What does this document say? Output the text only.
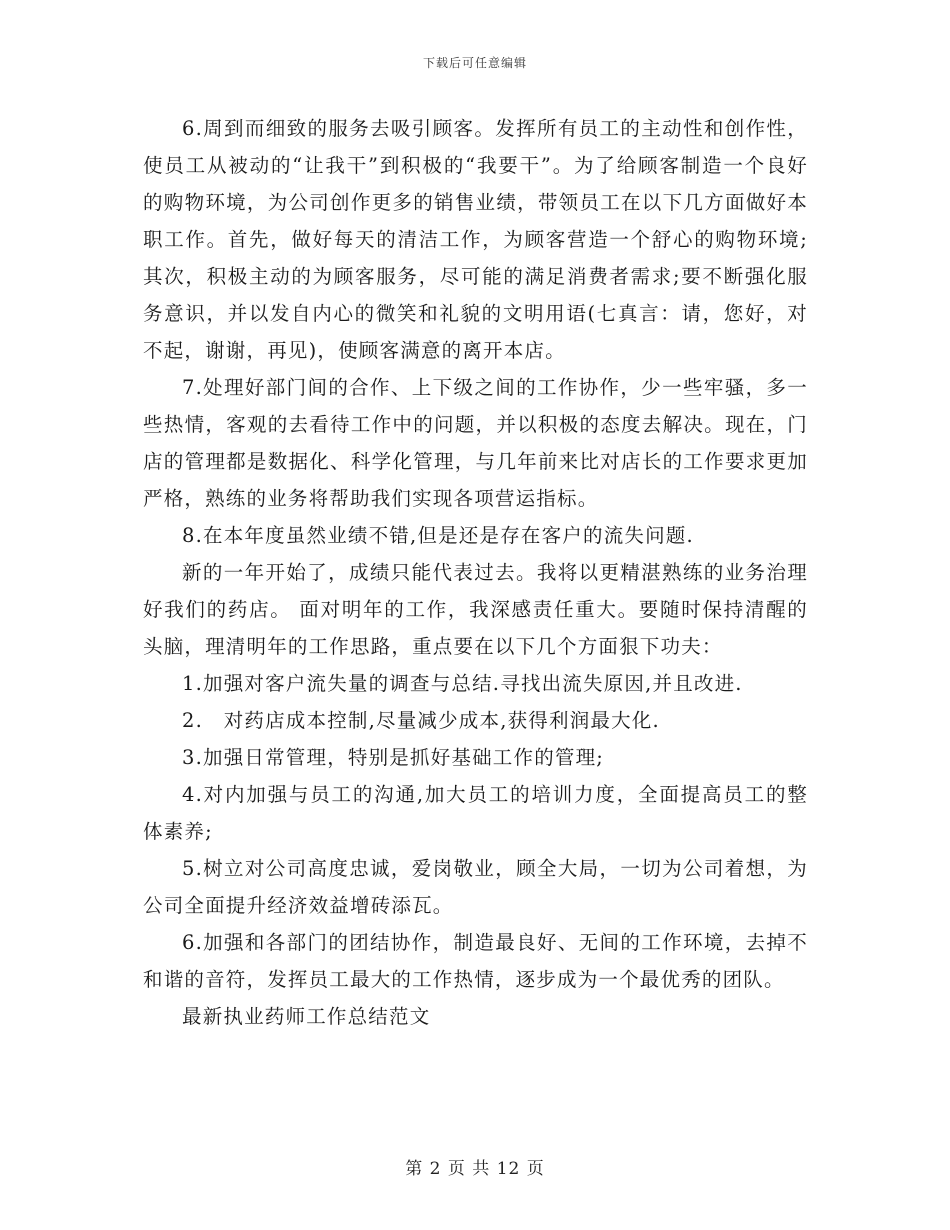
下载后可任意编辑

6.周到而细致的服务去吸引顾客。发挥所有员工的主动性和创作性，使员工从被动的“让我干”到积极的“我要干”。为了给顾客制造一个良好的购物环境，为公司创作更多的销售业绩，带领员工在以下几方面做好本职工作。首先，做好每天的清洁工作，为顾客营造一个舒心的购物环境;其次，积极主动的为顾客服务，尽可能的满足消费者需求;要不断强化服务意识，并以发自内心的微笑和礼貌的文明用语(七真言：请，您好，对不起，谢谢，再见)，使顾客满意的离开本店。

7.处理好部门间的合作、上下级之间的工作协作，少一些牢骚，多一些热情，客观的去看待工作中的问题，并以积极的态度去解决。现在，门店的管理都是数据化、科学化管理，与几年前来比对店长的工作要求更加严格，熟练的业务将帮助我们实现各项营运指标。

8.在本年度虽然业绩不错,但是还是存在客户的流失问题.

新的一年开始了，成绩只能代表过去。我将以更精湛熟练的业务治理好我们的药店。 面对明年的工作，我深感责任重大。要随时保持清醒的头脑，理清明年的工作思路，重点要在以下几个方面狠下功夫：

1.加强对客户流失量的调查与总结.寻找出流失原因,并且改进.

2.　对药店成本控制,尽量减少成本,获得利润最大化.

3.加强日常管理，特别是抓好基础工作的管理;

4.对内加强与员工的沟通,加大员工的培训力度，全面提高员工的整体素养;

5.树立对公司高度忠诚，爱岗敬业，顾全大局，一切为公司着想，为公司全面提升经济效益增砖添瓦。

6.加强和各部门的团结协作，制造最良好、无间的工作环境，去掉不和谐的音符，发挥员工最大的工作热情，逐步成为一个最优秀的团队。

最新执业药师工作总结范文

第 2 页 共 12 页
